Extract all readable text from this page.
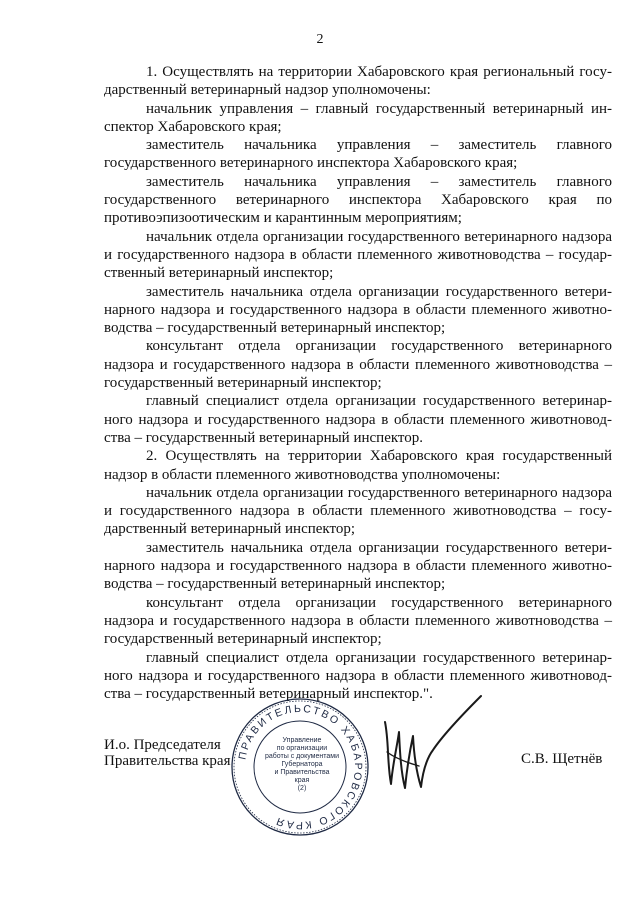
2

1. Осуществлять на территории Хабаровского края региональный государственный ветеринарный надзор уполномочены:

начальник управления – главный государственный ветеринарный инспектор Хабаровского края;

заместитель начальника управления – заместитель главного государственного ветеринарного инспектора Хабаровского края;

заместитель начальника управления – заместитель главного государственного ветеринарного инспектора Хабаровского края по противоэпизоотическим и карантинным мероприятиям;

начальник отдела организации государственного ветеринарного надзора и государственного надзора в области племенного животноводства – государственный ветеринарный инспектор;

заместитель начальника отдела организации государственного ветеринарного надзора и государственного надзора в области племенного животноводства – государственный ветеринарный инспектор;

консультант отдела организации государственного ветеринарного надзора и государственного надзора в области племенного животноводства – государственный ветеринарный инспектор;

главный специалист отдела организации государственного ветеринарного надзора и государственного надзора в области племенного животноводства – государственный ветеринарный инспектор.

2. Осуществлять на территории Хабаровского края государственный надзор в области племенного животноводства уполномочены:

начальник отдела организации государственного ветеринарного надзора и государственного надзора в области племенного животноводства – государственный ветеринарный инспектор;

заместитель начальника отдела организации государственного ветеринарного надзора и государственного надзора в области племенного животноводства – государственный ветеринарный инспектор;

консультант отдела организации государственного ветеринарного надзора и государственного надзора в области племенного животноводства – государственный ветеринарный инспектор;

главный специалист отдела организации государственного ветеринарного надзора и государственного надзора в области племенного животноводства – государственный ветеринарный инспектор.".

И.о. Председателя
Правительства края ПРАВИТЕЛЬСТВО ХАБАРОВСКОГО КРАЯ
Управление
по организации
работы с документами
Губернатора
и Правительства
края
(2)
С.В. Щетнёв
